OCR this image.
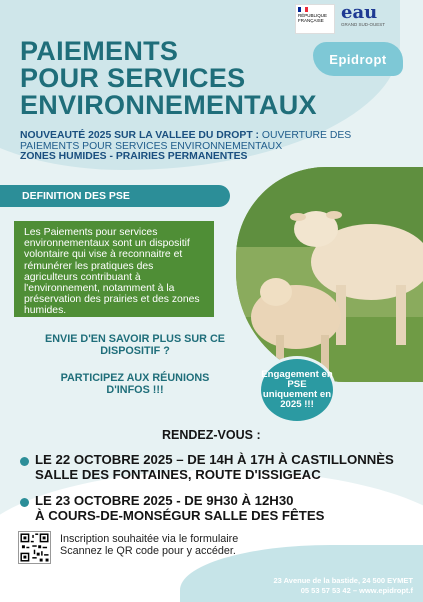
RÉPUBLIQUE
FRANÇAISE eau
GRAND SUD-OUEST
Epidropt
PAIEMENTS
POUR SERVICES
ENVIRONNEMENTAUX
NOUVEAUTÉ 2025 SUR LA VALLEE DU DROPT : OUVERTURE DES PAIEMENTS POUR SERVICES ENVIRONNEMENTAUX
ZONES HUMIDES - PRAIRIES PERMANENTES
DEFINITION DES PSE
Les Paiements pour services environnementaux sont un dispositif volontaire qui vise à reconnaitre et rémunérer les pratiques des agriculteurs contribuant à l'environnement, notamment à la préservation des prairies et des zones humides.
Engagement en PSE uniquement en 2025 !!!
ENVIE D'EN SAVOIR PLUS SUR CE DISPOSITIF ?
PARTICIPEZ AUX RÉUNIONS D'INFOS !!!
RENDEZ-VOUS :
LE 22 OCTOBRE 2025 – DE 14H À 17H À CASTILLONNÈS
SALLE DES FONTAINES, ROUTE D'ISSIGEAC
LE 23 OCTOBRE 2025 - DE 9H30 À 12H30
À COURS-DE-MONSÉGUR SALLE DES FÊTES
Inscription souhaitée via le formulaire
Scannez le QR code pour y accéder.
23 Avenue de la bastide, 24 500 EYMET
05 53 57 53 42 – www.epidropt.f
